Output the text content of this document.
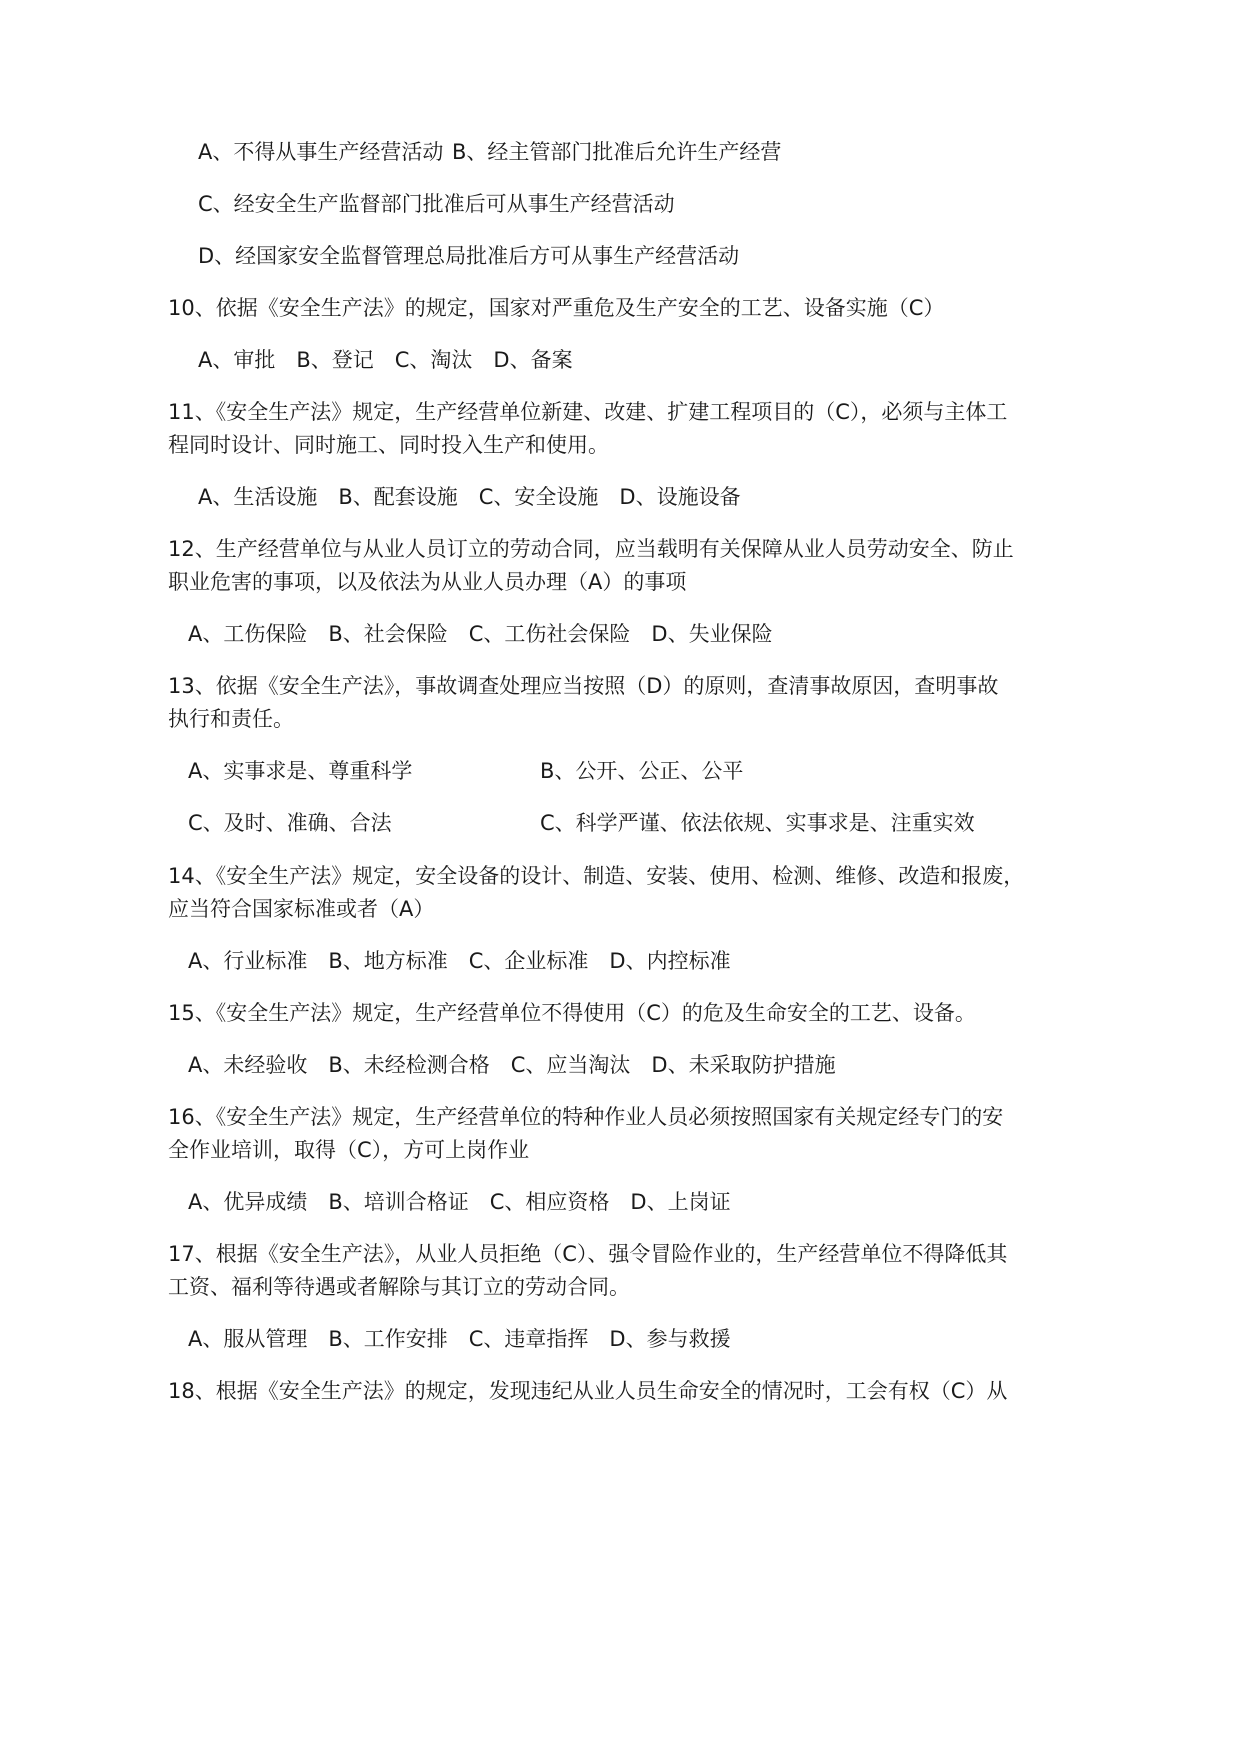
A、不得从事生产经营活动 B、经主管部门批准后允许生产经营

C、经安全生产监督部门批准后可从事生产经营活动

D、经国家安全监督管理总局批准后方可从事生产经营活动

10、依据《安全生产法》的规定，国家对严重危及生产安全的工艺、设备实施（C）

A、审批　B、登记　C、淘汰　D、备案

11、《安全生产法》规定，生产经营单位新建、改建、扩建工程项目的（C），必须与主体工

程同时设计、同时施工、同时投入生产和使用。

A、生活设施　B、配套设施　C、安全设施　D、设施设备

12、生产经营单位与从业人员订立的劳动合同，应当载明有关保障从业人员劳动安全、防止

职业危害的事项，以及依法为从业人员办理（A）的事项

A、工伤保险　B、社会保险　C、工伤社会保险　D、失业保险

13、依据《安全生产法》，事故调查处理应当按照（D）的原则，查清事故原因，查明事故

执行和责任。

A、实事求是、尊重科学	B、公开、公正、公平

C、及时、准确、合法	C、科学严谨、依法依规、实事求是、注重实效

14、《安全生产法》规定，安全设备的设计、制造、安装、使用、检测、维修、改造和报废，

应当符合国家标准或者（A）

A、行业标准　B、地方标准　C、企业标准　D、内控标准

15、《安全生产法》规定，生产经营单位不得使用（C）的危及生命安全的工艺、设备。

A、未经验收　B、未经检测合格　C、应当淘汰　D、未采取防护措施

16、《安全生产法》规定，生产经营单位的特种作业人员必须按照国家有关规定经专门的安

全作业培训，取得（C），方可上岗作业

A、优异成绩　B、培训合格证　C、相应资格　D、上岗证

17、根据《安全生产法》，从业人员拒绝（C）、强令冒险作业的，生产经营单位不得降低其

工资、福利等待遇或者解除与其订立的劳动合同。

A、服从管理　B、工作安排　C、违章指挥　D、参与救援

18、根据《安全生产法》的规定，发现违纪从业人员生命安全的情况时，工会有权（C）从
